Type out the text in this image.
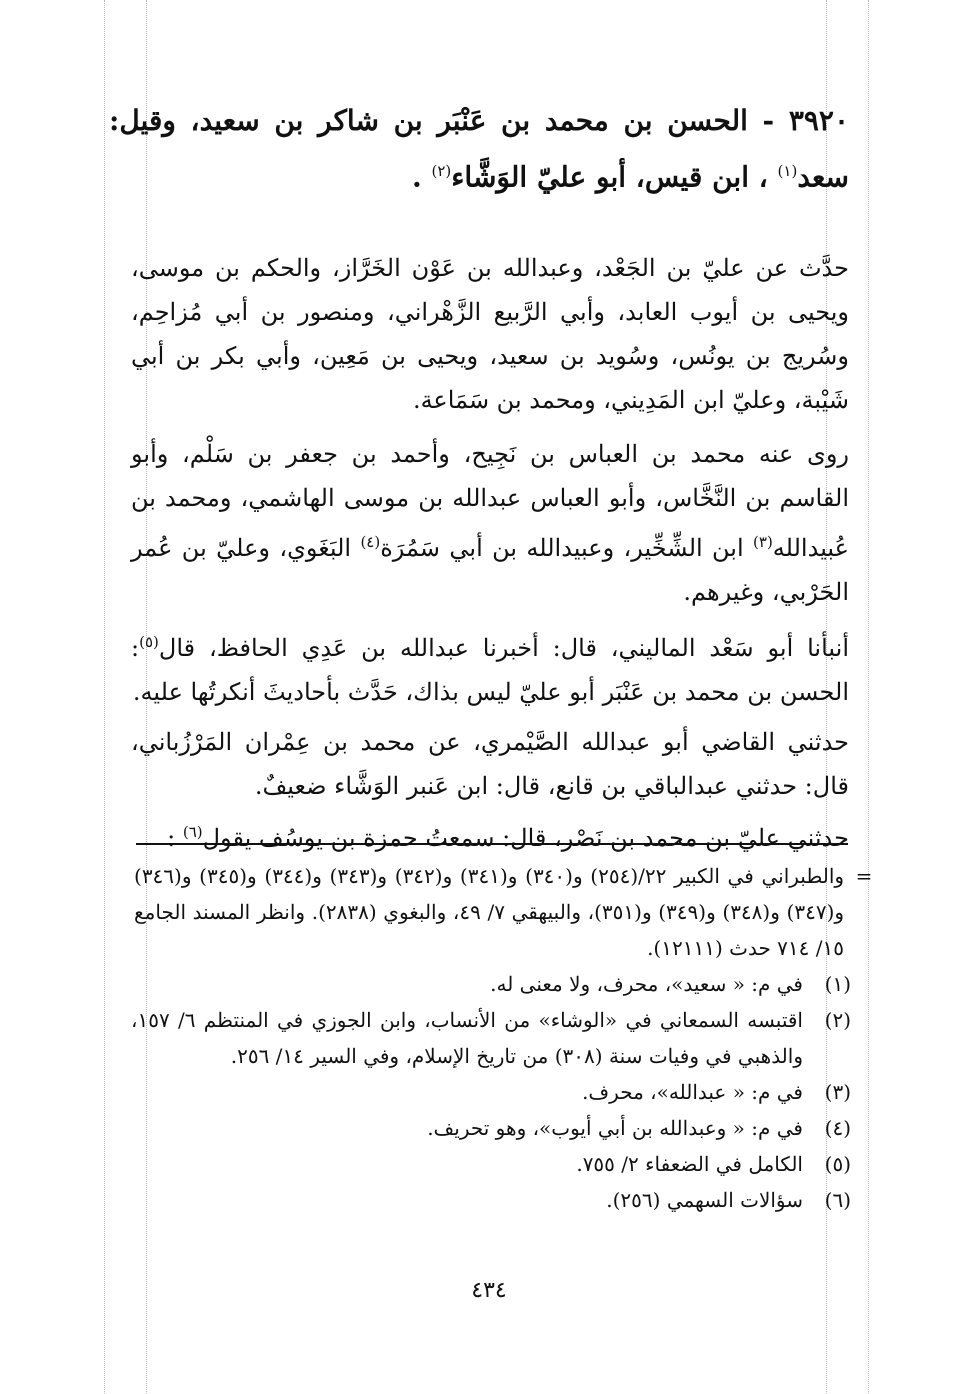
٣٩٢٠ - الحسن بن محمد بن عَنْبَر بن شاكر بن سعيد، وقيل: سعد$^{(١)}$ ، ابن قيس، أبو عليّ الوَشَّاء$^{(٢)}$ .

حدَّث عن عليّ بن الجَعْد، وعبدالله بن عَوْن الخَرَّاز، والحكم بن موسى، ويحيى بن أيوب العابد، وأبي الرَّبيع الزَّهْراني، ومنصور بن أبي مُزاحِم، وسُريج بن يونُس، وسُويد بن سعيد، ويحيى بن مَعِين، وأبي بكر بن أبي شَيْبة، وعليّ ابن المَدِيني، ومحمد بن سَمَاعة.

روى عنه محمد بن العباس بن نَجِيح، وأحمد بن جعفر بن سَلْم، وأبو القاسم بن النَّخَّاس، وأبو العباس عبدالله بن موسى الهاشمي، ومحمد بن عُبيدالله$^{(٣)}$ ابن الشِّخِّير، وعبيدالله بن أبي سَمُرَة$^{(٤)}$ البَغَوي، وعليّ بن عُمر الحَرْبي، وغيرهم.

أنبأنا أبو سَعْد الماليني، قال: أخبرنا عبدالله بن عَدِي الحافظ، قال$^{(٥)}$: الحسن بن محمد بن عَنْبَر أبو عليّ ليس بذاك، حَدَّث بأحاديثَ أنكرتُها عليه.

حدثني القاضي أبو عبدالله الصَّيْمري، عن محمد بن عِمْران المَرْزُباني، قال: حدثني عبدالباقي بن قانع، قال: ابن عَنبر الوَشَّاء ضعيفٌ.

حدثني عليّ بن محمد بن نَصْر، قال: سمعتُ حمزة بن يوسُف يقول$^{(٦)}$ :

=
والطبراني في الكبير ٢٢/(٢٥٤) و(٣٤٠) و(٣٤١) و(٣٤٢) و(٣٤٣) و(٣٤٤) و(٣٤٥) و(٣٤٦) و(٣٤٧) و(٣٤٨) و(٣٤٩) و(٣٥١)، والبيهقي ٧/ ٤٩، والبغوي (٢٨٣٨). وانظر المسند الجامع ١٥/ ٧١٤ حدث (١٢١١١).
(١)
في م: « سعيد»، محرف، ولا معنى له.
(٢)
اقتبسه السمعاني في «الوشاء» من الأنساب، وابن الجوزي في المنتظم ٦/ ١٥٧، والذهبي في وفيات سنة (٣٠٨) من تاريخ الإسلام، وفي السير ١٤/ ٢٥٦.
(٣)
في م: « عبدالله»، محرف.
(٤)
في م: « وعبدالله بن أبي أيوب»، وهو تحريف.
(٥)
الكامل في الضعفاء ٢/ ٧٥٥.
(٦)
سؤالات السهمي (٢٥٦).
٤٣٤
